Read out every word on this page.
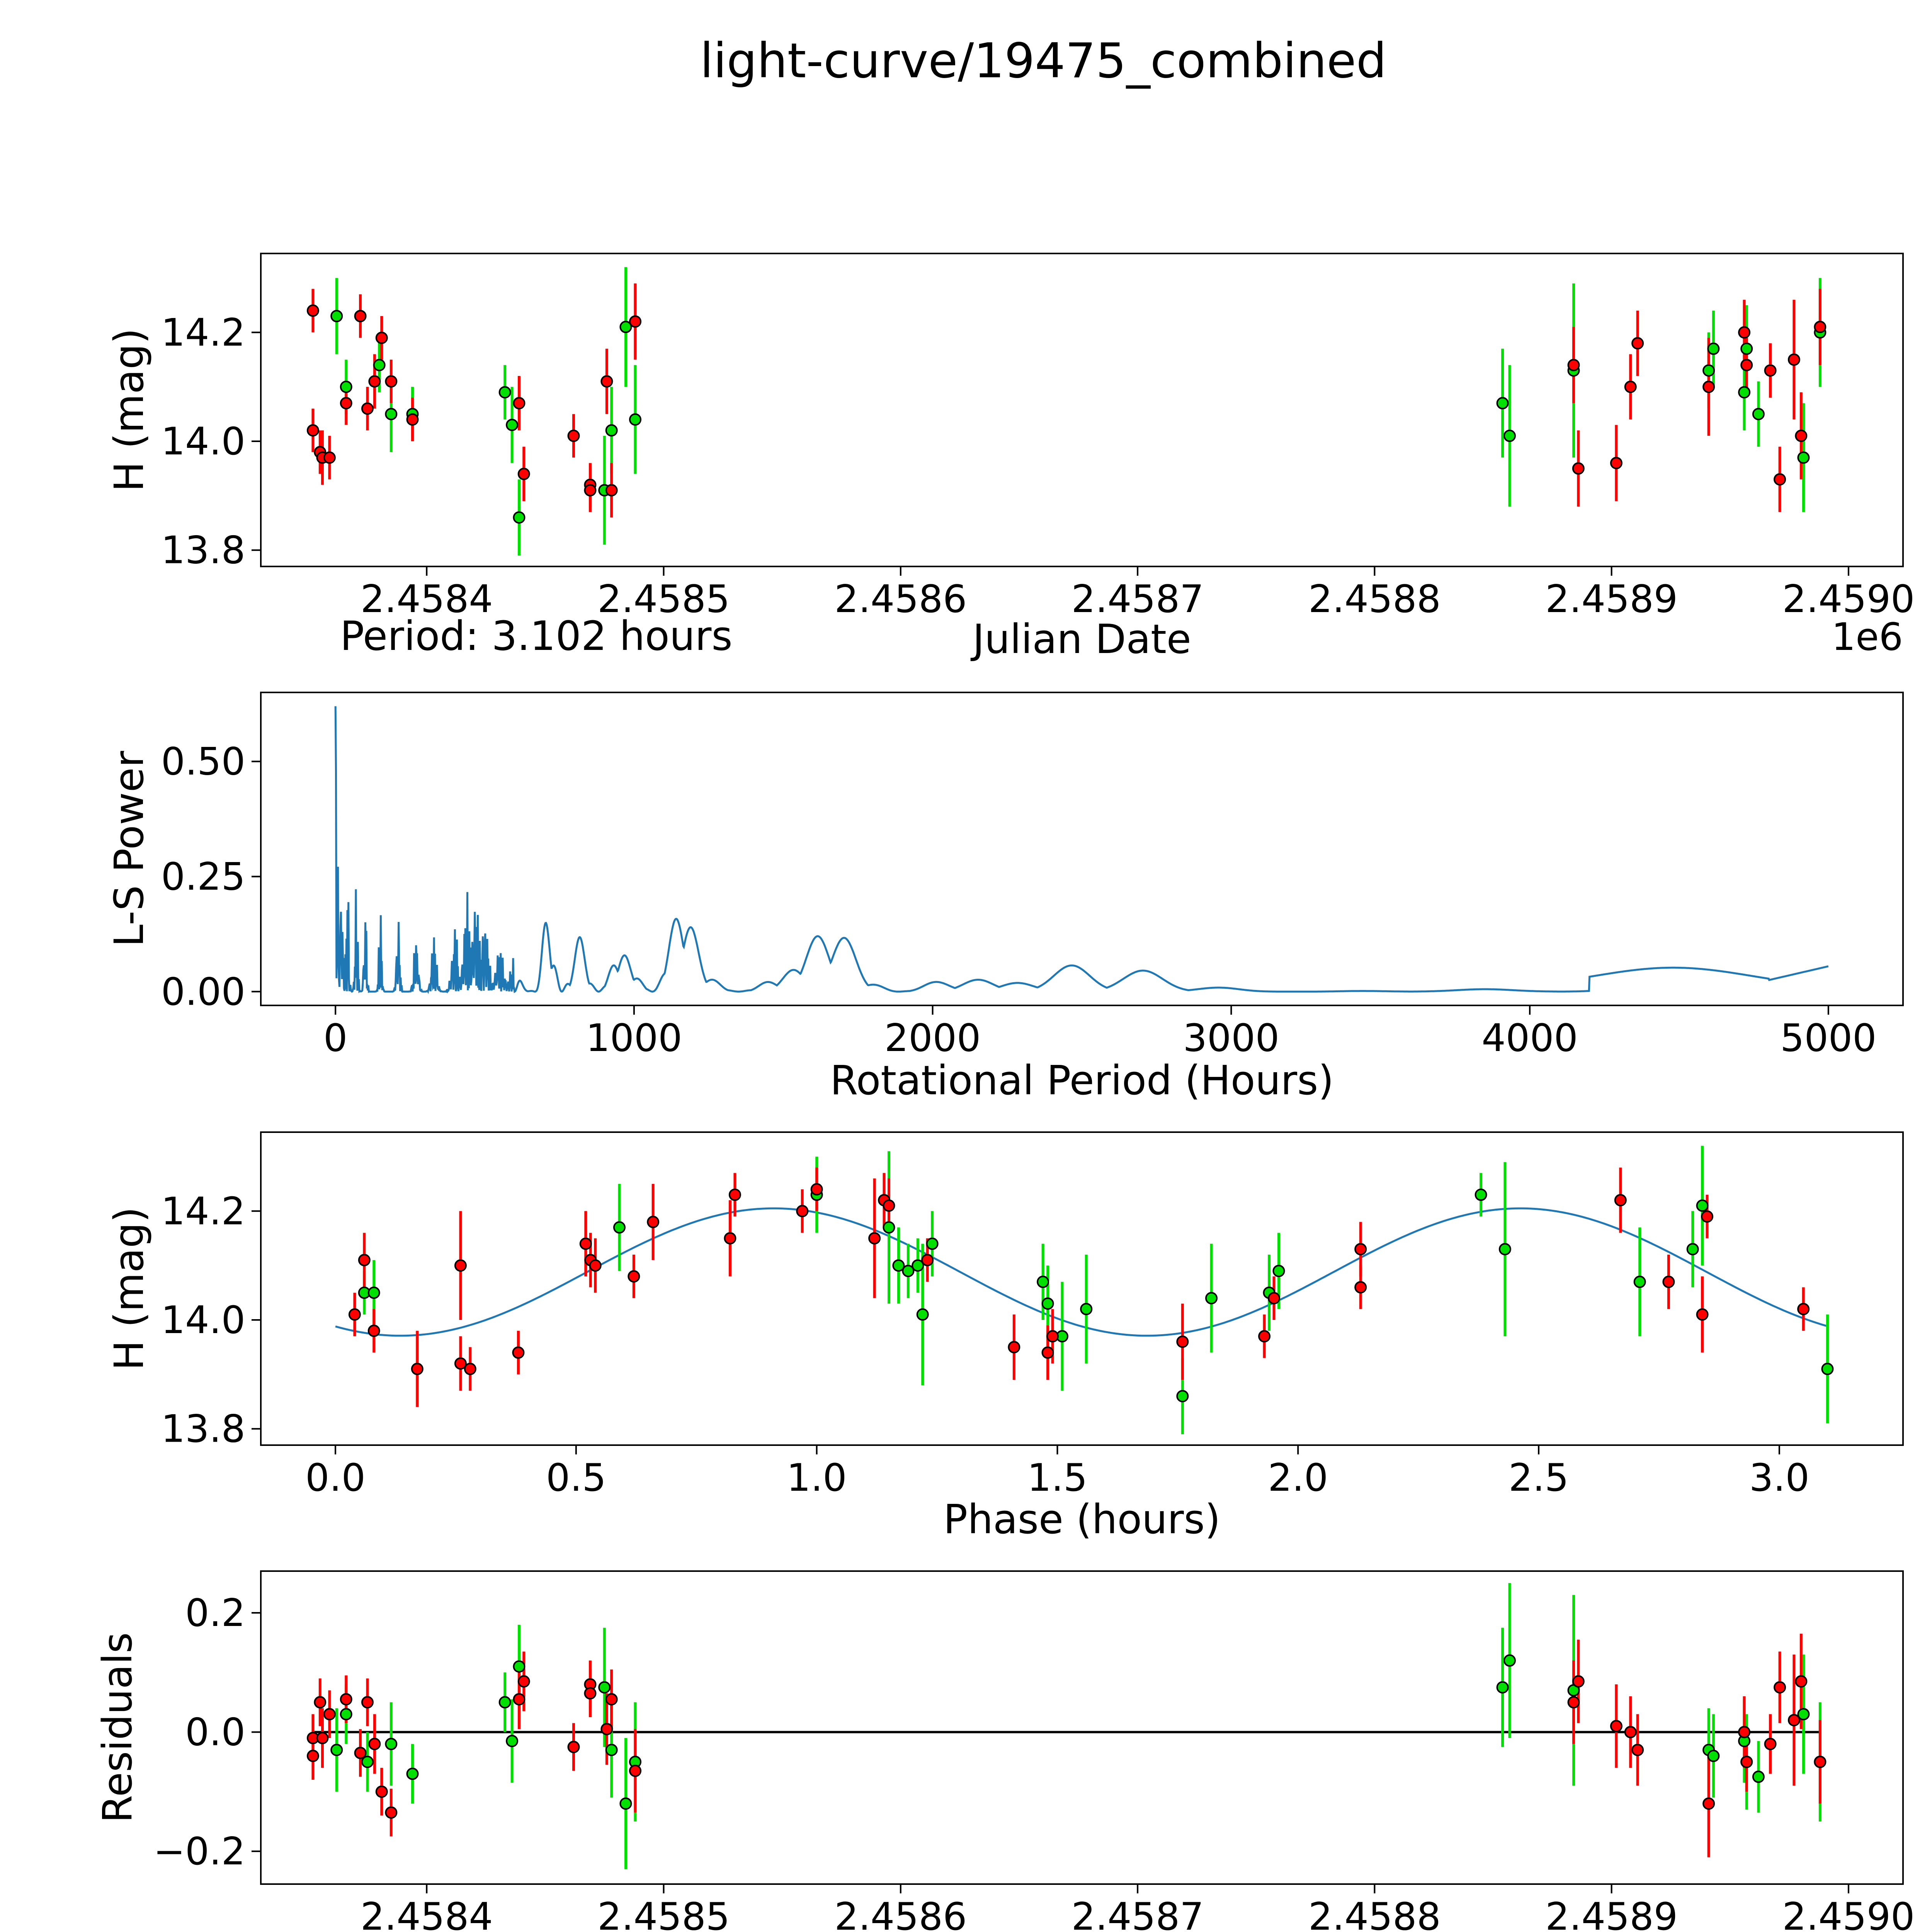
light-curve/19475_combined
2.4584	2.4585	2.4586	2.4587	2.4588	2.4589	2.4590
13.8
14.0
14.2
Julian Date
H (mag)
Period: 3.102 hours	1e6
0	1000	2000	3000	4000	5000
0.00
0.25
0.50
Rotational Period (Hours)
L-S Power
0.0	0.5	1.0	1.5	2.0	2.5	3.0
13.8
14.0
14.2
Phase (hours)
H (mag)
2.4584	2.4585	2.4586	2.4587	2.4588	2.4589	2.4590
−0.2
0.0
0.2
Residuals
